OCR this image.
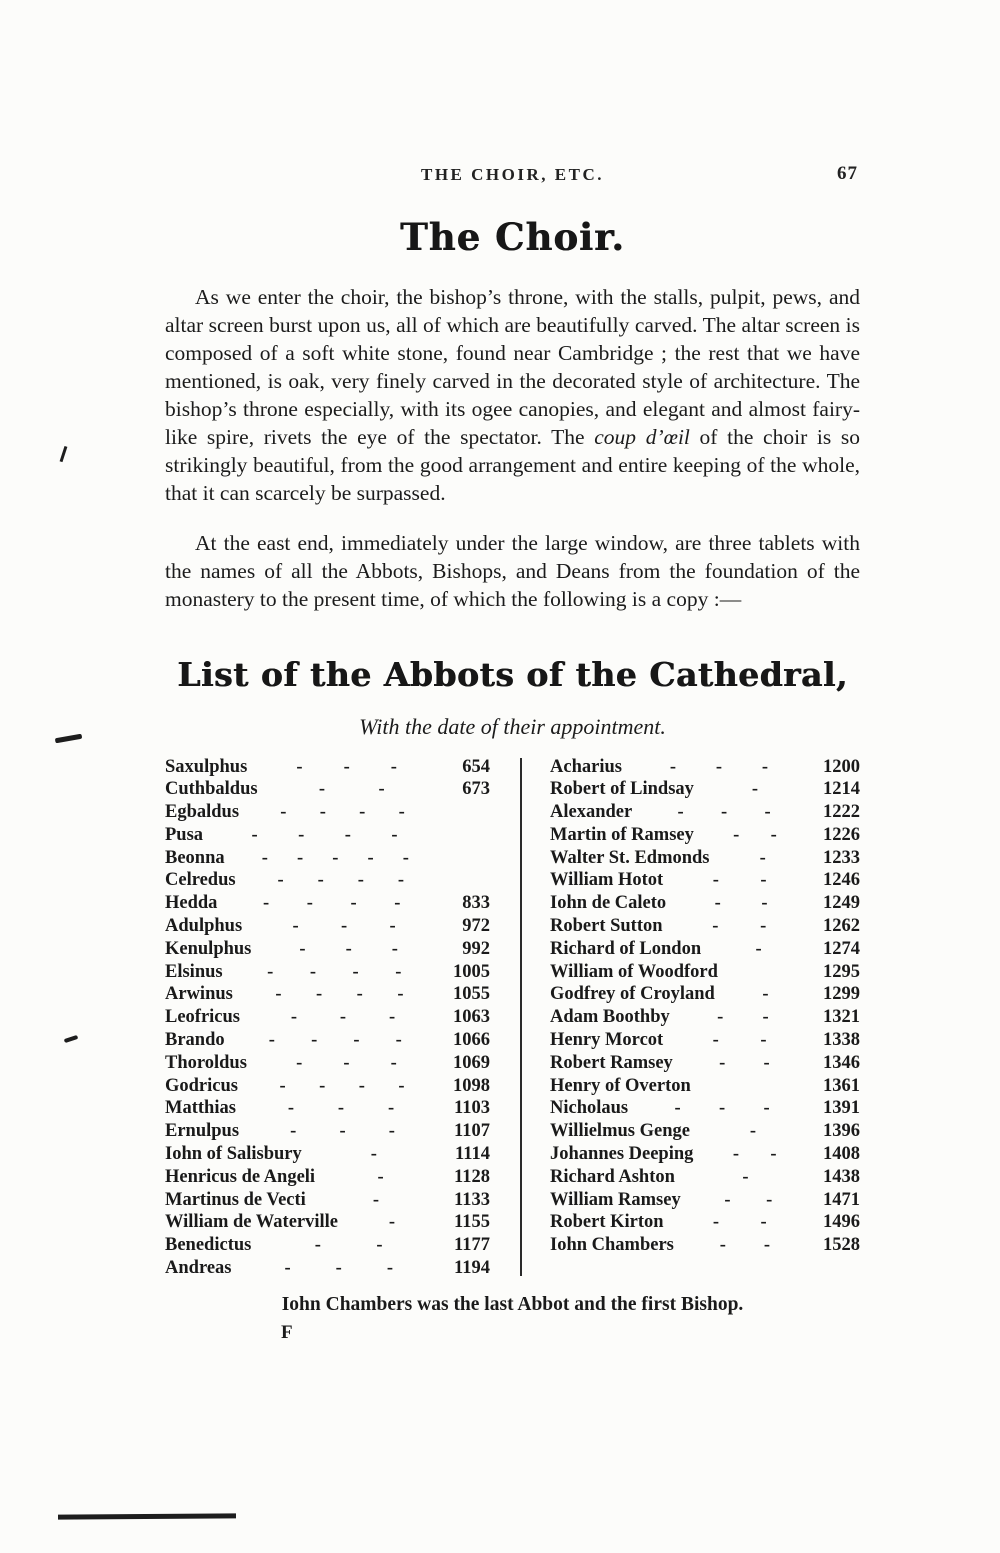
THE CHOIR, ETC.	67
The Choir.

As we enter the choir, the bishop’s throne, with the stalls, pulpit, pews, and altar screen burst upon us, all of which are beautifully carved. The altar screen is composed of a soft white stone, found near Cambridge ; the rest that we have mentioned, is oak, very finely carved in the decorated style of architecture. The bishop’s throne especially, with its ogee canopies, and elegant and almost fairy-like spire, rivets the eye of the spectator. The coup d’œil of the choir is so strikingly beautiful, from the good arrangement and entire keeping of the whole, that it can scarcely be surpassed.

At the east end, immediately under the large window, are three tablets with the names of all the Abbots, Bishops, and Deans from the foundation of the monastery to the present time, of which the following is a copy :—

List of the Abbots of the Cathedral,
With the date of their appointment.
Saxulphus	- - -	654
Cuthbaldus	-	-	673
Egbaldus - - - -
Pusa	- - - -
Beonna - - - - -
Celredus - - - -
Hedda - - - -	833
Adulphus	- - -	972
Kenulphus	- - -	992
Elsinus - - - -	1005
Arwinus - - - -	1055
Leofricus	- - -	1063
Brando - - - -	1066
Thoroldus	- - -	1069
Godricus - - - -	1098
Matthias	- - -	1103
Ernulpus	- - -	1107
Iohn of Salisbury	-	1114
Henricus de Angeli	-	1128
Martinus de Vecti	-	1133
William de Waterville	-	1155
Benedictus	-	-	1177
Andreas	- - -	1194
Acharius	- - -	1200
Robert of Lindsay	-	1214
Alexander - - -	1222
Martin of Ramsey - -	1226
Walter St. Edmonds	-	1233
William Hotot	- -	1246
Iohn de Caleto	- -	1249
Robert Sutton	- -	1262
Richard of London	-	1274
William of Woodford	1295
Godfrey of Croyland	-	1299
Adam Boothby	- -	1321
Henry Morcot	- -	1338
Robert Ramsey	- -	1346
Henry of Overton	1361
Nicholaus	- - -	1391
Willielmus Genge	-	1396
Johannes Deeping - -	1408
Richard Ashton	-	1438
William Ramsey - -	1471
Robert Kirton	- -	1496
Iohn Chambers - -	1528
Iohn Chambers was the last Abbot and the first Bishop.
F
